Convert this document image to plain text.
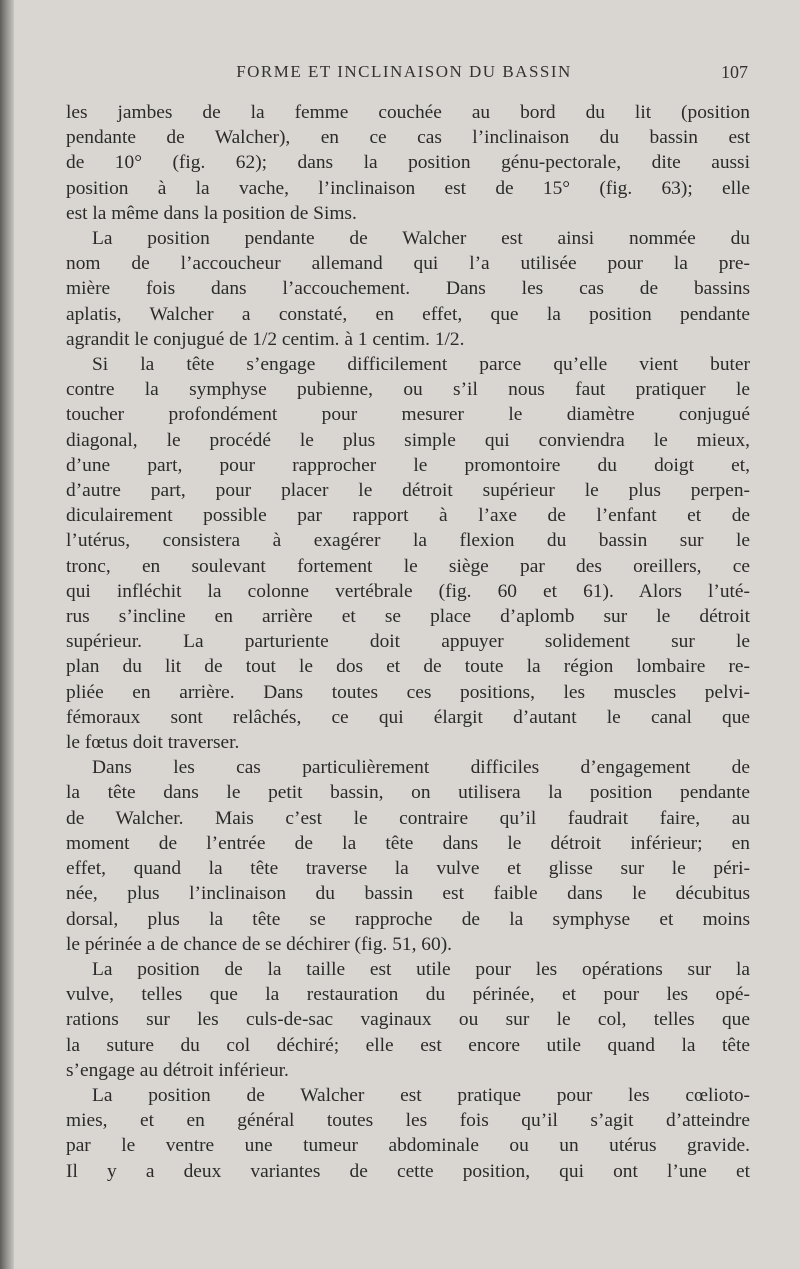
FORME ET INCLINAISON DU BASSIN	107
les jambes de la femme couchée au bord du lit (position
pendante de Walcher), en ce cas l’inclinaison du bassin est
de 10° (fig. 62); dans la position génu-pectorale, dite aussi
position à la vache, l’inclinaison est de 15° (fig. 63); elle
est la même dans la position de Sims.
La position pendante de Walcher est ainsi nommée du
nom de l’accoucheur allemand qui l’a utilisée pour la pre-
mière fois dans l’accouchement. Dans les cas de bassins
aplatis, Walcher a constaté, en effet, que la position pendante
agrandit le conjugué de 1/2 centim. à 1 centim. 1/2.
Si la tête s’engage difficilement parce qu’elle vient buter
contre la symphyse pubienne, ou s’il nous faut pratiquer le
toucher profondément pour mesurer le diamètre conjugué
diagonal, le procédé le plus simple qui conviendra le mieux,
d’une part, pour rapprocher le promontoire du doigt et,
d’autre part, pour placer le détroit supérieur le plus perpen-
diculairement possible par rapport à l’axe de l’enfant et de
l’utérus, consistera à exagérer la flexion du bassin sur le
tronc, en soulevant fortement le siège par des oreillers, ce
qui infléchit la colonne vertébrale (fig. 60 et 61). Alors l’uté-
rus s’incline en arrière et se place d’aplomb sur le détroit
supérieur. La parturiente doit appuyer solidement sur le
plan du lit de tout le dos et de toute la région lombaire re-
pliée en arrière. Dans toutes ces positions, les muscles pelvi-
fémoraux sont relâchés, ce qui élargit d’autant le canal que
le fœtus doit traverser.
Dans les cas particulièrement difficiles d’engagement de
la tête dans le petit bassin, on utilisera la position pendante
de Walcher. Mais c’est le contraire qu’il faudrait faire, au
moment de l’entrée de la tête dans le détroit inférieur; en
effet, quand la tête traverse la vulve et glisse sur le péri-
née, plus l’inclinaison du bassin est faible dans le décubitus
dorsal, plus la tête se rapproche de la symphyse et moins
le périnée a de chance de se déchirer (fig. 51, 60).
La position de la taille est utile pour les opérations sur la
vulve, telles que la restauration du périnée, et pour les opé-
rations sur les culs-de-sac vaginaux ou sur le col, telles que
la suture du col déchiré; elle est encore utile quand la tête
s’engage au détroit inférieur.
La position de Walcher est pratique pour les cœlioto-
mies, et en général toutes les fois qu’il s’agit d’atteindre
par le ventre une tumeur abdominale ou un utérus gravide.
Il y a deux variantes de cette position, qui ont l’une et
